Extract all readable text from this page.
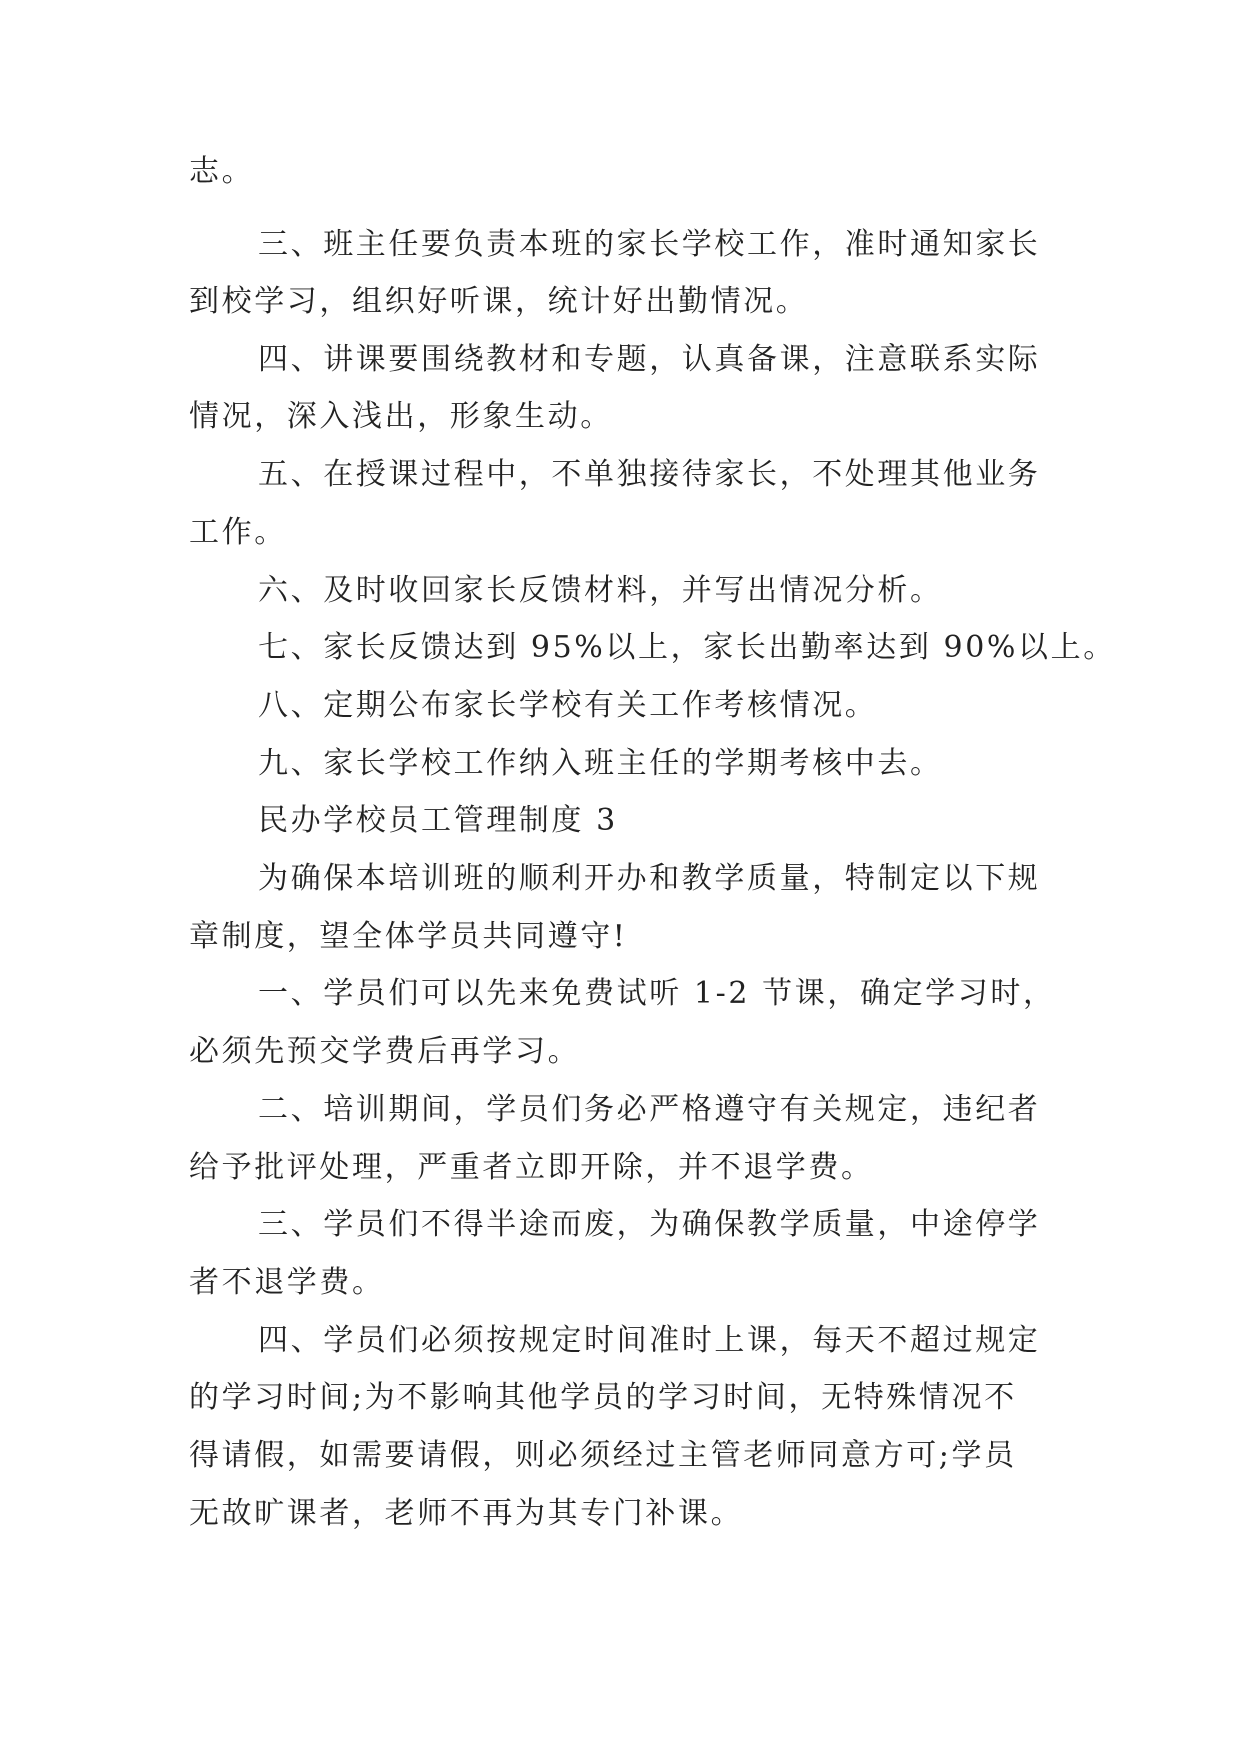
志。
三、班主任要负责本班的家长学校工作，准时通知家长
到校学习，组织好听课，统计好出勤情况。
四、讲课要围绕教材和专题，认真备课，注意联系实际
情况，深入浅出，形象生动。
五、在授课过程中，不单独接待家长，不处理其他业务
工作。
六、及时收回家长反馈材料，并写出情况分析。
七、家长反馈达到 95%以上，家长出勤率达到 90%以上。
八、定期公布家长学校有关工作考核情况。
九、家长学校工作纳入班主任的学期考核中去。
民办学校员工管理制度 3
为确保本培训班的顺利开办和教学质量，特制定以下规
章制度，望全体学员共同遵守!
一、学员们可以先来免费试听 1-2 节课，确定学习时，
必须先预交学费后再学习。
二、培训期间，学员们务必严格遵守有关规定，违纪者
给予批评处理，严重者立即开除，并不退学费。
三、学员们不得半途而废，为确保教学质量，中途停学
者不退学费。
四、学员们必须按规定时间准时上课，每天不超过规定
的学习时间;为不影响其他学员的学习时间，无特殊情况不
得请假，如需要请假，则必须经过主管老师同意方可;学员
无故旷课者，老师不再为其专门补课。
